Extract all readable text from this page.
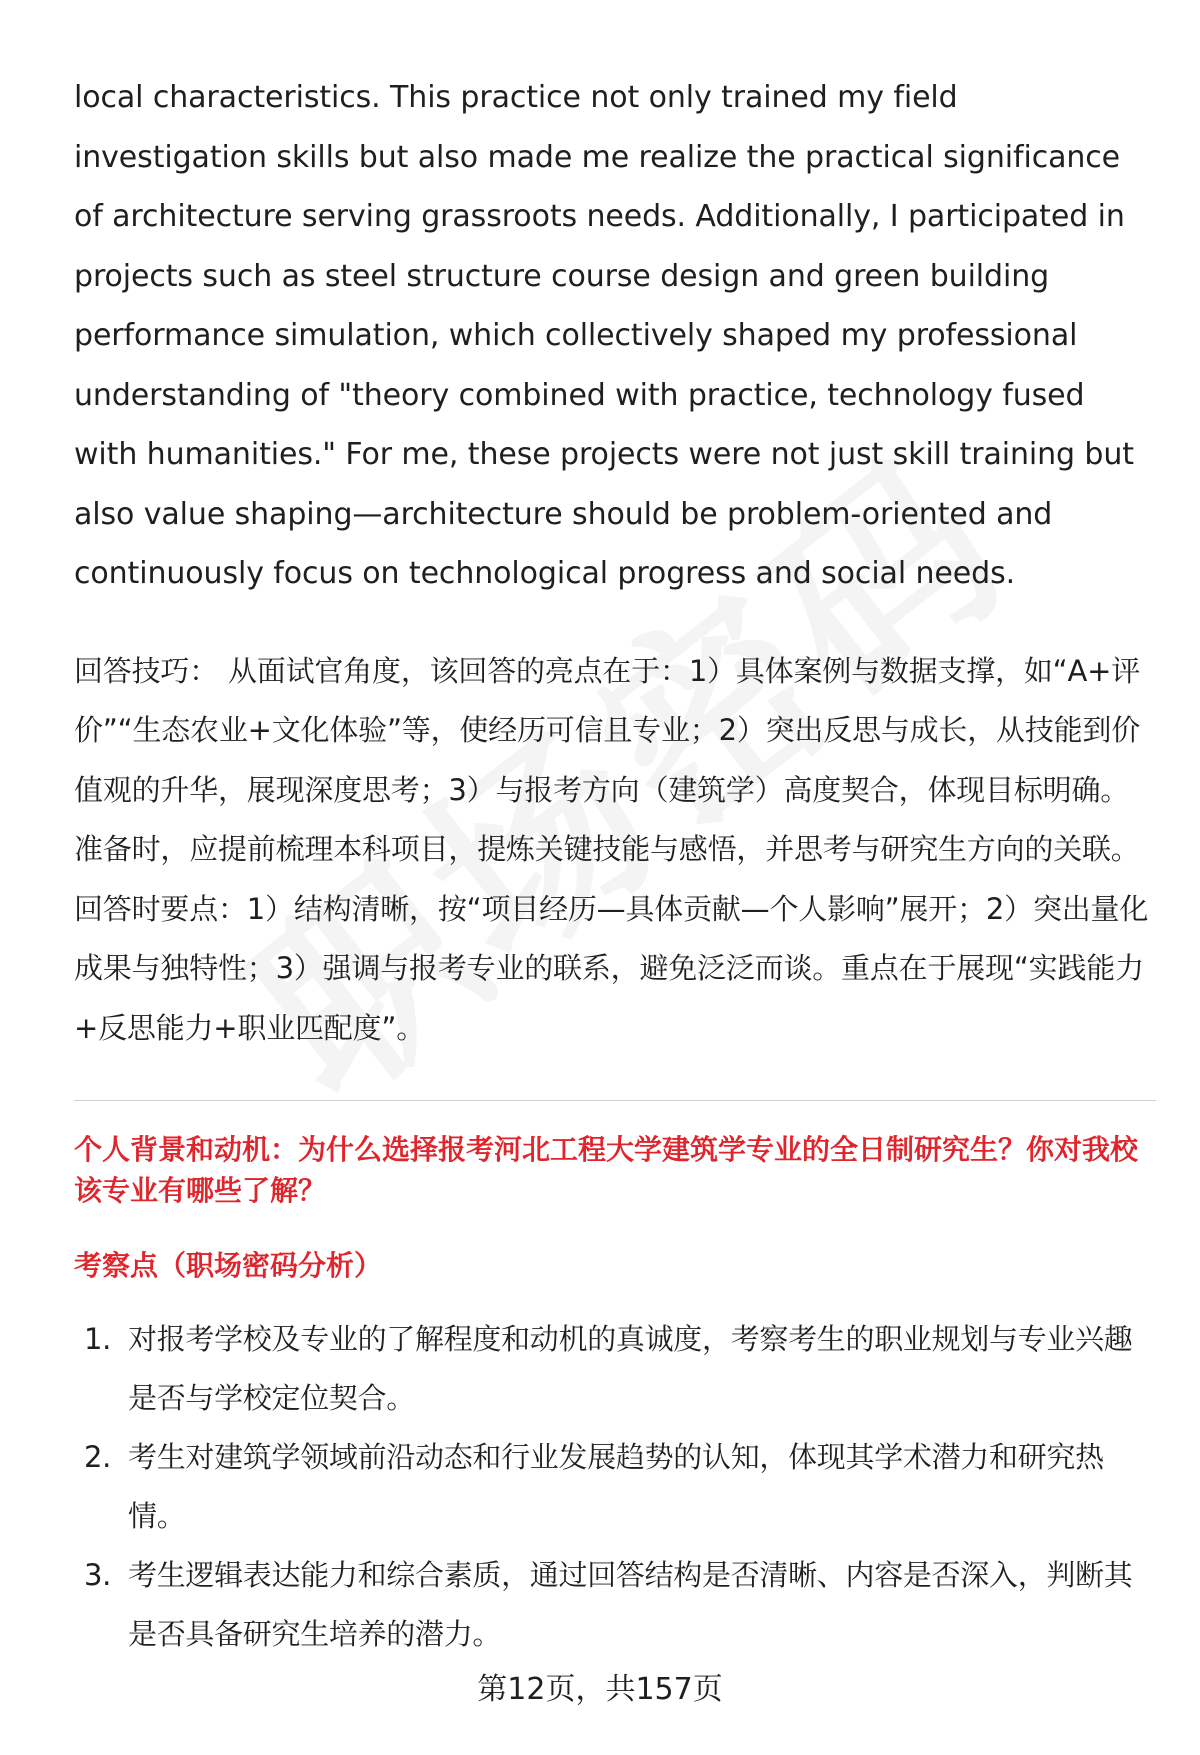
local characteristics. This practice not only trained my field investigation skills but also made me realize the practical significance of architecture serving grassroots needs. Additionally, I participated in projects such as steel structure course design and green building performance simulation, which collectively shaped my professional understanding of "theory combined with practice, technology fused with humanities." For me, these projects were not just skill training but also value shaping—architecture should be problem-oriented and continuously focus on technological progress and social needs.

回答技巧： 从面试官角度，该回答的亮点在于：1）具体案例与数据支撑，如“A+评价”“生态农业+文化体验”等，使经历可信且专业；2）突出反思与成长，从技能到价值观的升华，展现深度思考；3）与报考方向（建筑学）高度契合，体现目标明确。准备时，应提前梳理本科项目，提炼关键技能与感悟，并思考与研究生方向的关联。回答时要点：1）结构清晰，按“项目经历—具体贡献—个人影响”展开；2）突出量化成果与独特性；3）强调与报考专业的联系，避免泛泛而谈。重点在于展现“实践能力+反思能力+职业匹配度”。

个人背景和动机：为什么选择报考河北工程大学建筑学专业的全日制研究生？你对我校该专业有哪些了解？

考察点（职场密码分析）

1. 对报考学校及专业的了解程度和动机的真诚度，考察考生的职业规划与专业兴趣是否与学校定位契合。
2. 考生对建筑学领域前沿动态和行业发展趋势的认知，体现其学术潜力和研究热情。
3. 考生逻辑表达能力和综合素质，通过回答结构是否清晰、内容是否深入，判断其是否具备研究生培养的潜力。
第12页，共157页
